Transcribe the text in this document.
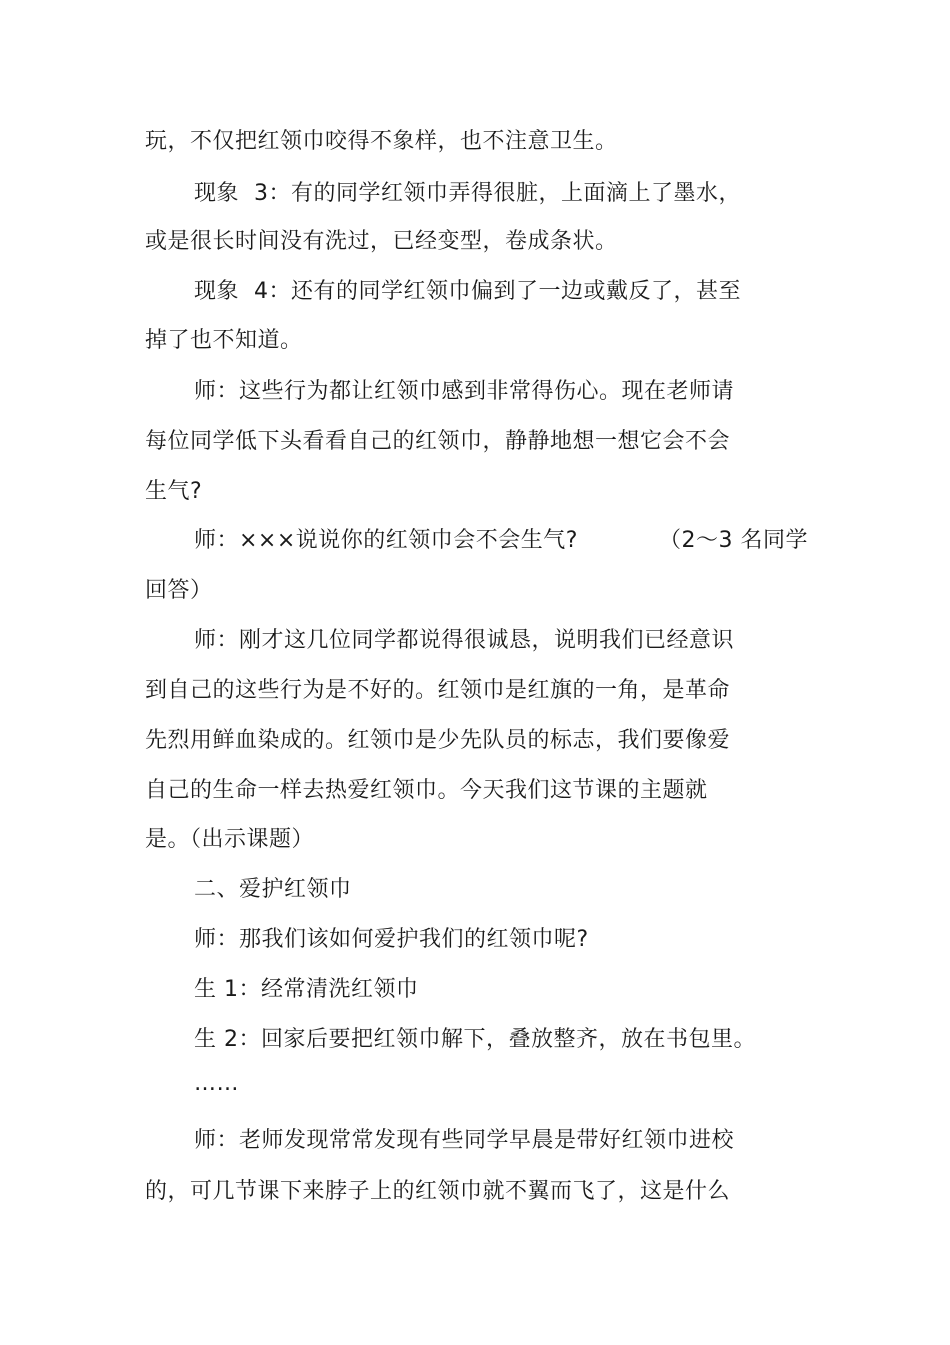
玩，不仅把红领巾咬得不象样，也不注意卫生。
现象  3：有的同学红领巾弄得很脏，上面滴上了墨水，
或是很长时间没有洗过，已经变型，卷成条状。
现象  4：还有的同学红领巾偏到了一边或戴反了，甚至
掉了也不知道。
师：这些行为都让红领巾感到非常得伤心。现在老师请
每位同学低下头看看自己的红领巾，静静地想一想它会不会
生气?
师：×××说说你的红领巾会不会生气?	（2～3 名同学
回答）
师：刚才这几位同学都说得很诚恳，说明我们已经意识
到自己的这些行为是不好的。红领巾是红旗的一角，是革命
先烈用鲜血染成的。红领巾是少先队员的标志，我们要像爱
自己的生命一样去热爱红领巾。今天我们这节课的主题就
是。（出示课题）
二、爱护红领巾
师：那我们该如何爱护我们的红领巾呢?
生 1：经常清洗红领巾
生 2：回家后要把红领巾解下，叠放整齐，放在书包里。
……
师：老师发现常常发现有些同学早晨是带好红领巾进校
的，可几节课下来脖子上的红领巾就不翼而飞了，这是什么
